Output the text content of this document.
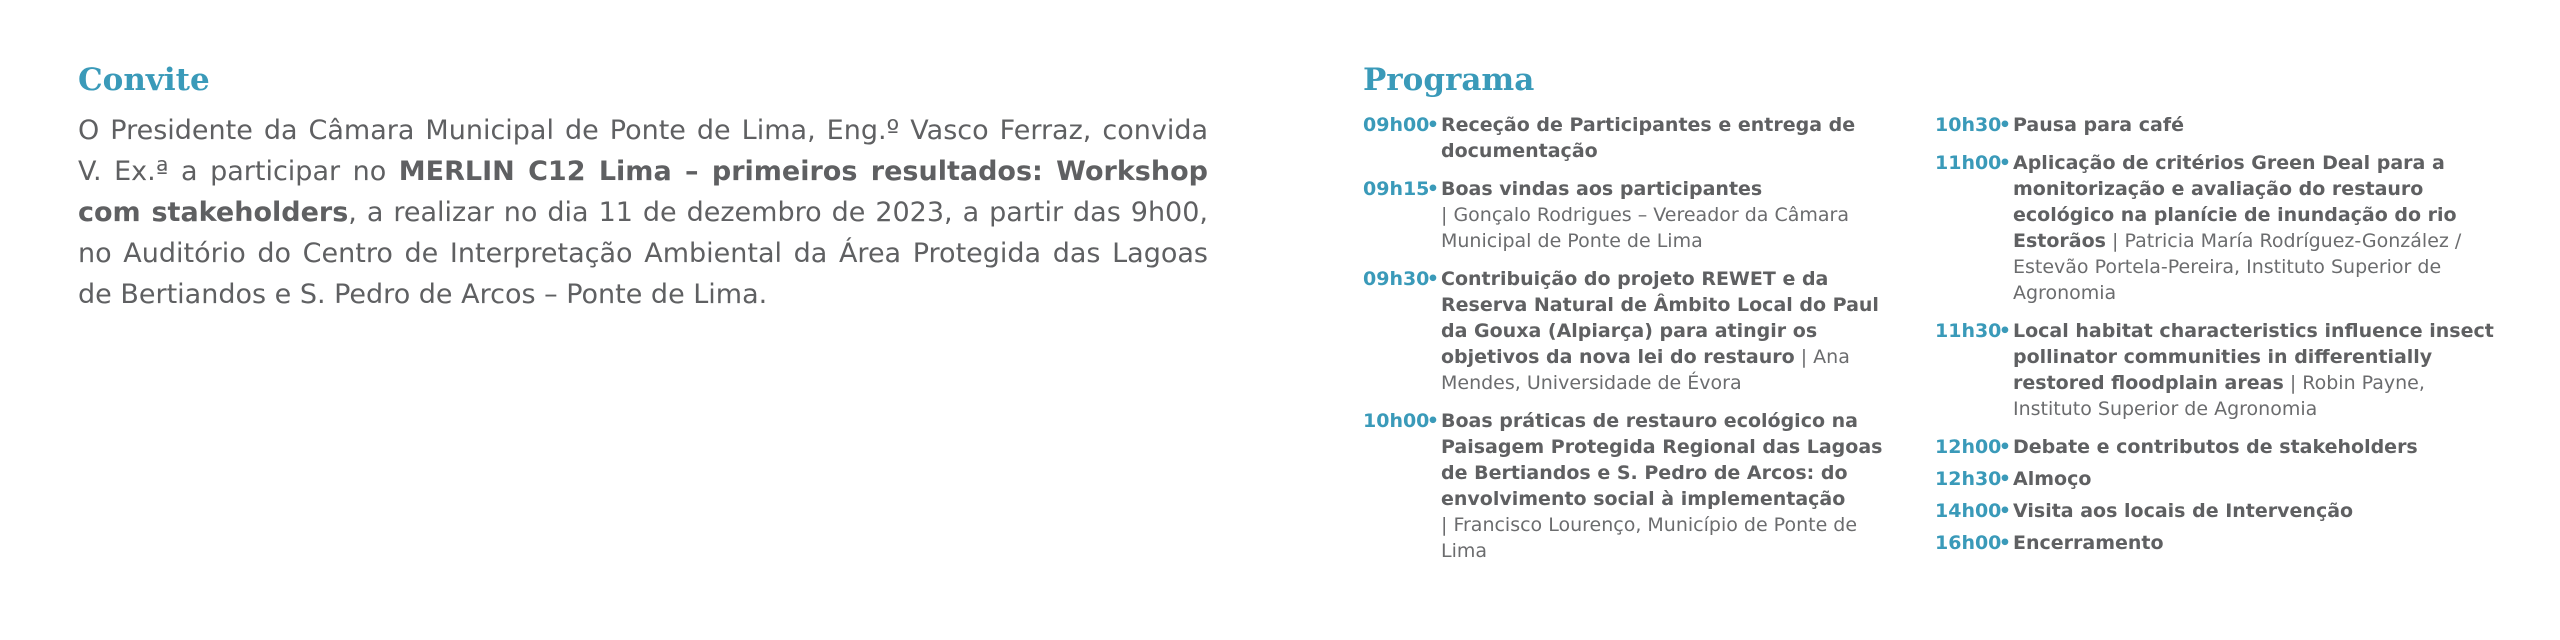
Convite

O Presidente da Câmara Municipal de Ponte de Lima, Eng.º Vasco Ferraz, convida V. Ex.ª a participar no MERLIN C12 Lima – primeiros resultados: Workshop com stakeholders, a realizar no dia 11 de dezembro de 2023, a partir das 9h00, no Auditório do Centro de Interpretação Ambiental da Área Protegida das Lagoas de Bertiandos e S. Pedro de Arcos – Ponte de Lima.

Programa
09h00
• Receção de Participantes e entrega de documentação
09h15
• Boas vindas aos participantes
| Gonçalo Rodrigues – Vereador da Câmara Municipal de Ponte de Lima
09h30
• Contribuição do projeto REWET e da Reserva Natural de Âmbito Local do Paul da Gouxa (Alpiarça) para atingir os objetivos da nova lei do restauro | Ana Mendes, Universidade de Évora
10h00
• Boas práticas de restauro ecológico na Paisagem Protegida Regional das Lagoas de Bertiandos e S. Pedro de Arcos: do envolvimento social à implementação
| Francisco Lourenço, Município de Ponte de Lima
10h30
• Pausa para café
11h00
• Aplicação de critérios Green Deal para a monitorização e avaliação do restauro ecológico na planície de inundação do rio Estorãos | Patricia María Rodríguez-González / Estevão Portela-Pereira, Instituto Superior de Agronomia
11h30
• Local habitat characteristics influence insect pollinator communities in differentially restored floodplain areas | Robin Payne, Instituto Superior de Agronomia
12h00
• Debate e contributos de stakeholders
12h30
• Almoço
14h00
• Visita aos locais de Intervenção
16h00
• Encerramento
